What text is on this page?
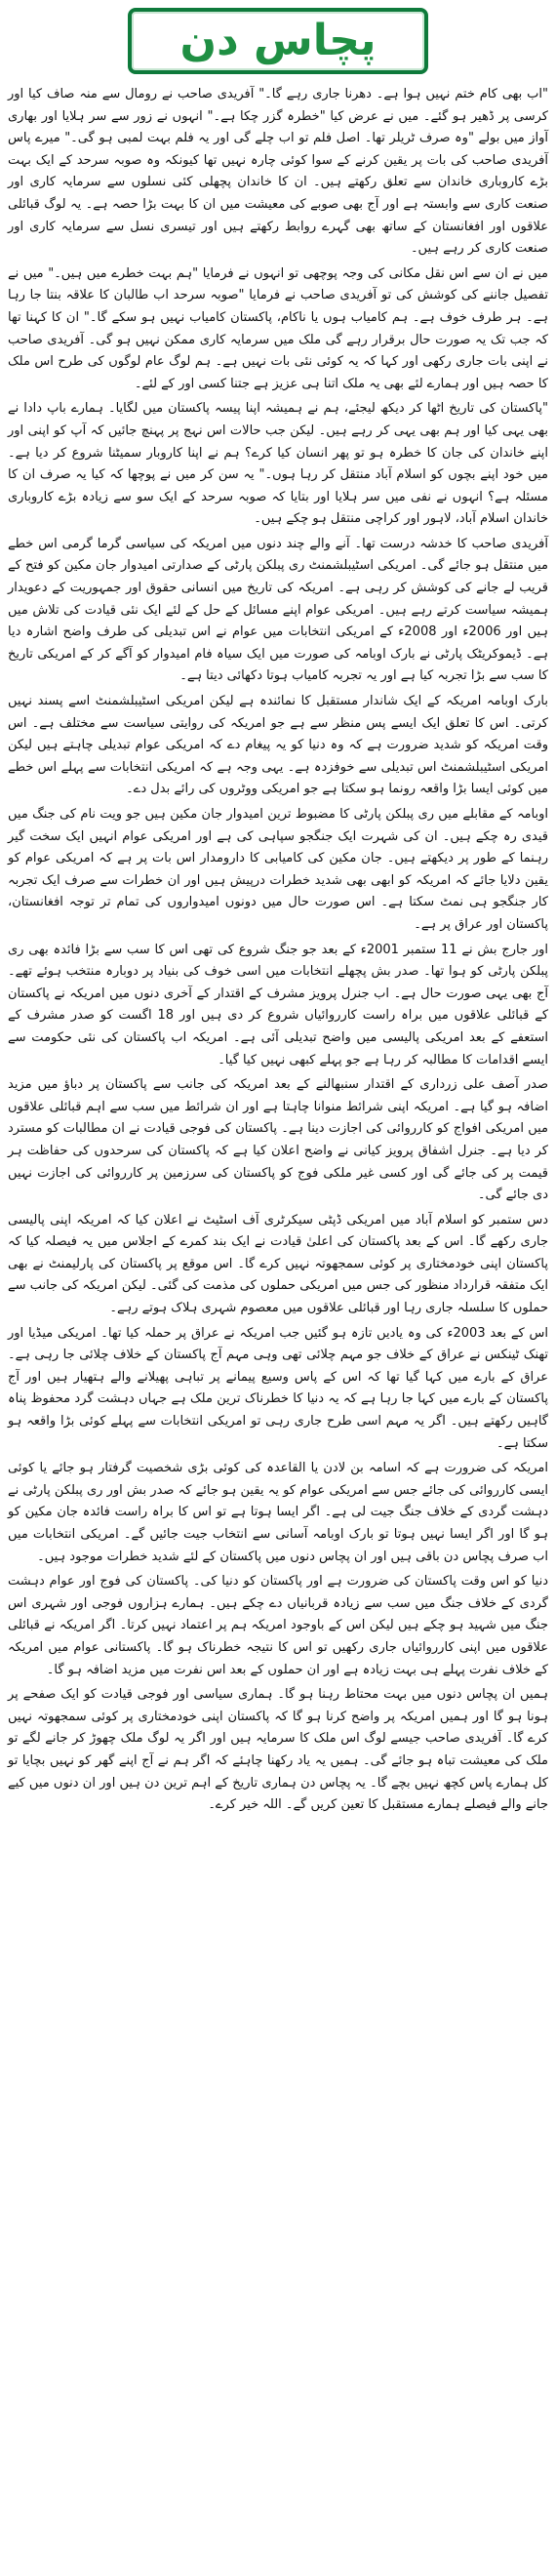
پچاس دن

"اب بھی کام ختم نہیں ہوا ہے۔ دھرنا جاری رہے گا۔" آفریدی صاحب نے رومال سے منہ صاف کیا اور کرسی پر ڈھیر ہو گئے۔ میں نے عرض کیا "خطرہ گزر چکا ہے۔" انہوں نے زور سے سر ہلایا اور بھاری آواز میں بولے "وہ صرف ٹریلر تھا۔ اصل فلم تو اب چلے گی اور یہ فلم بہت لمبی ہو گی۔" میرے پاس آفریدی صاحب کی بات پر یقین کرنے کے سوا کوئی چارہ نہیں تھا کیونکہ وہ صوبہ سرحد کے ایک بہت بڑے کاروباری خاندان سے تعلق رکھتے ہیں۔ ان کا خاندان پچھلی کئی نسلوں سے سرمایہ کاری اور صنعت کاری سے وابستہ ہے اور آج بھی صوبے کی معیشت میں ان کا بہت بڑا حصہ ہے۔ یہ لوگ قبائلی علاقوں اور افغانستان کے ساتھ بھی گہرے روابط رکھتے ہیں اور تیسری نسل سے سرمایہ کاری اور صنعت کاری کر رہے ہیں۔

میں نے ان سے اس نقل مکانی کی وجہ پوچھی تو انہوں نے فرمایا "ہم بہت خطرے میں ہیں۔" میں نے تفصیل جاننے کی کوشش کی تو آفریدی صاحب نے فرمایا "صوبہ سرحد اب طالبان کا علاقہ بنتا جا رہا ہے۔ ہر طرف خوف ہے۔ ہم کامیاب ہوں یا ناکام، پاکستان کامیاب نہیں ہو سکے گا۔" ان کا کہنا تھا کہ جب تک یہ صورت حال برقرار رہے گی ملک میں سرمایہ کاری ممکن نہیں ہو گی۔ آفریدی صاحب نے اپنی بات جاری رکھی اور کہا کہ یہ کوئی نئی بات نہیں ہے۔ ہم لوگ عام لوگوں کی طرح اس ملک کا حصہ ہیں اور ہمارے لئے بھی یہ ملک اتنا ہی عزیز ہے جتنا کسی اور کے لئے۔

"پاکستان کی تاریخ اٹھا کر دیکھ لیجئے، ہم نے ہمیشہ اپنا پیسہ پاکستان میں لگایا۔ ہمارے باپ دادا نے بھی یہی کیا اور ہم بھی یہی کر رہے ہیں۔ لیکن جب حالات اس نہج پر پہنچ جائیں کہ آپ کو اپنی اور اپنے خاندان کی جان کا خطرہ ہو تو پھر انسان کیا کرے؟ ہم نے اپنا کاروبار سمیٹنا شروع کر دیا ہے۔ میں خود اپنے بچوں کو اسلام آباد منتقل کر رہا ہوں۔" یہ سن کر میں نے پوچھا کہ کیا یہ صرف ان کا مسئلہ ہے؟ انہوں نے نفی میں سر ہلایا اور بتایا کہ صوبہ سرحد کے ایک سو سے زیادہ بڑے کاروباری خاندان اسلام آباد، لاہور اور کراچی منتقل ہو چکے ہیں۔

آفریدی صاحب کا خدشہ درست تھا۔ آنے والے چند دنوں میں امریکہ کی سیاسی گرما گرمی اس خطے میں منتقل ہو جائے گی۔ امریکی اسٹیبلشمنٹ ری پبلکن پارٹی کے صدارتی امیدوار جان مکین کو فتح کے قریب لے جانے کی کوشش کر رہی ہے۔ امریکہ کی تاریخ میں انسانی حقوق اور جمہوریت کے دعویدار ہمیشہ سیاست کرتے رہے ہیں۔ امریکی عوام اپنے مسائل کے حل کے لئے ایک نئی قیادت کی تلاش میں ہیں اور 2006ء اور 2008ء کے امریکی انتخابات میں عوام نے اس تبدیلی کی طرف واضح اشارہ دیا ہے۔ ڈیموکریٹک پارٹی نے بارک اوبامہ کی صورت میں ایک سیاہ فام امیدوار کو آگے کر کے امریکی تاریخ کا سب سے بڑا تجربہ کیا ہے اور یہ تجربہ کامیاب ہوتا دکھائی دیتا ہے۔

بارک اوبامہ امریکہ کے ایک شاندار مستقبل کا نمائندہ ہے لیکن امریکی اسٹیبلشمنٹ اسے پسند نہیں کرتی۔ اس کا تعلق ایک ایسے پس منظر سے ہے جو امریکہ کی روایتی سیاست سے مختلف ہے۔ اس وقت امریکہ کو شدید ضرورت ہے کہ وہ دنیا کو یہ پیغام دے کہ امریکی عوام تبدیلی چاہتے ہیں لیکن امریکی اسٹیبلشمنٹ اس تبدیلی سے خوفزدہ ہے۔ یہی وجہ ہے کہ امریکی انتخابات سے پہلے اس خطے میں کوئی ایسا بڑا واقعہ رونما ہو سکتا ہے جو امریکی ووٹروں کی رائے بدل دے۔

اوبامہ کے مقابلے میں ری پبلکن پارٹی کا مضبوط ترین امیدوار جان مکین ہیں جو ویت نام کی جنگ میں قیدی رہ چکے ہیں۔ ان کی شہرت ایک جنگجو سپاہی کی ہے اور امریکی عوام انہیں ایک سخت گیر رہنما کے طور پر دیکھتے ہیں۔ جان مکین کی کامیابی کا دارومدار اس بات پر ہے کہ امریکی عوام کو یقین دلایا جائے کہ امریکہ کو ابھی بھی شدید خطرات درپیش ہیں اور ان خطرات سے صرف ایک تجربہ کار جنگجو ہی نمٹ سکتا ہے۔ اس صورت حال میں دونوں امیدواروں کی تمام تر توجہ افغانستان، پاکستان اور عراق پر ہے۔

اور جارج بش نے 11 ستمبر 2001ء کے بعد جو جنگ شروع کی تھی اس کا سب سے بڑا فائدہ بھی ری پبلکن پارٹی کو ہوا تھا۔ صدر بش پچھلے انتخابات میں اسی خوف کی بنیاد پر دوبارہ منتخب ہوئے تھے۔ آج بھی یہی صورت حال ہے۔ اب جنرل پرویز مشرف کے اقتدار کے آخری دنوں میں امریکہ نے پاکستان کے قبائلی علاقوں میں براہ راست کارروائیاں شروع کر دی ہیں اور 18 اگست کو صدر مشرف کے استعفے کے بعد امریکی پالیسی میں واضح تبدیلی آئی ہے۔ امریکہ اب پاکستان کی نئی حکومت سے ایسے اقدامات کا مطالبہ کر رہا ہے جو پہلے کبھی نہیں کیا گیا۔

صدر آصف علی زرداری کے اقتدار سنبھالنے کے بعد امریکہ کی جانب سے پاکستان پر دباؤ میں مزید اضافہ ہو گیا ہے۔ امریکہ اپنی شرائط منوانا چاہتا ہے اور ان شرائط میں سب سے اہم قبائلی علاقوں میں امریکی افواج کو کارروائی کی اجازت دینا ہے۔ پاکستان کی فوجی قیادت نے ان مطالبات کو مسترد کر دیا ہے۔ جنرل اشفاق پرویز کیانی نے واضح اعلان کیا ہے کہ پاکستان کی سرحدوں کی حفاظت ہر قیمت پر کی جائے گی اور کسی غیر ملکی فوج کو پاکستان کی سرزمین پر کارروائی کی اجازت نہیں دی جائے گی۔

دس ستمبر کو اسلام آباد میں امریکی ڈپٹی سیکرٹری آف اسٹیٹ نے اعلان کیا کہ امریکہ اپنی پالیسی جاری رکھے گا۔ اس کے بعد پاکستان کی اعلیٰ قیادت نے ایک بند کمرے کے اجلاس میں یہ فیصلہ کیا کہ پاکستان اپنی خودمختاری پر کوئی سمجھوتہ نہیں کرے گا۔ اس موقع پر پاکستان کی پارلیمنٹ نے بھی ایک متفقہ قرارداد منظور کی جس میں امریکی حملوں کی مذمت کی گئی۔ لیکن امریکہ کی جانب سے حملوں کا سلسلہ جاری رہا اور قبائلی علاقوں میں معصوم شہری ہلاک ہوتے رہے۔

اس کے بعد 2003ء کی وہ یادیں تازہ ہو گئیں جب امریکہ نے عراق پر حملہ کیا تھا۔ امریکی میڈیا اور تھنک ٹینکس نے عراق کے خلاف جو مہم چلائی تھی وہی مہم آج پاکستان کے خلاف چلائی جا رہی ہے۔ عراق کے بارے میں کہا گیا تھا کہ اس کے پاس وسیع پیمانے پر تباہی پھیلانے والے ہتھیار ہیں اور آج پاکستان کے بارے میں کہا جا رہا ہے کہ یہ دنیا کا خطرناک ترین ملک ہے جہاں دہشت گرد محفوظ پناہ گاہیں رکھتے ہیں۔ اگر یہ مہم اسی طرح جاری رہی تو امریکی انتخابات سے پہلے کوئی بڑا واقعہ ہو سکتا ہے۔

امریکہ کی ضرورت ہے کہ اسامہ بن لادن یا القاعدہ کی کوئی بڑی شخصیت گرفتار ہو جائے یا کوئی ایسی کارروائی کی جائے جس سے امریکی عوام کو یہ یقین ہو جائے کہ صدر بش اور ری پبلکن پارٹی نے دہشت گردی کے خلاف جنگ جیت لی ہے۔ اگر ایسا ہوتا ہے تو اس کا براہ راست فائدہ جان مکین کو ہو گا اور اگر ایسا نہیں ہوتا تو بارک اوبامہ آسانی سے انتخاب جیت جائیں گے۔ امریکی انتخابات میں اب صرف پچاس دن باقی ہیں اور ان پچاس دنوں میں پاکستان کے لئے شدید خطرات موجود ہیں۔

دنیا کو اس وقت پاکستان کی ضرورت ہے اور پاکستان کو دنیا کی۔ پاکستان کی فوج اور عوام دہشت گردی کے خلاف جنگ میں سب سے زیادہ قربانیاں دے چکے ہیں۔ ہمارے ہزاروں فوجی اور شہری اس جنگ میں شہید ہو چکے ہیں لیکن اس کے باوجود امریکہ ہم پر اعتماد نہیں کرتا۔ اگر امریکہ نے قبائلی علاقوں میں اپنی کارروائیاں جاری رکھیں تو اس کا نتیجہ خطرناک ہو گا۔ پاکستانی عوام میں امریکہ کے خلاف نفرت پہلے ہی بہت زیادہ ہے اور ان حملوں کے بعد اس نفرت میں مزید اضافہ ہو گا۔

ہمیں ان پچاس دنوں میں بہت محتاط رہنا ہو گا۔ ہماری سیاسی اور فوجی قیادت کو ایک صفحے پر ہونا ہو گا اور ہمیں امریکہ پر واضح کرنا ہو گا کہ پاکستان اپنی خودمختاری پر کوئی سمجھوتہ نہیں کرے گا۔ آفریدی صاحب جیسے لوگ اس ملک کا سرمایہ ہیں اور اگر یہ لوگ ملک چھوڑ کر جانے لگے تو ملک کی معیشت تباہ ہو جائے گی۔ ہمیں یہ یاد رکھنا چاہئے کہ اگر ہم نے آج اپنے گھر کو نہیں بچایا تو کل ہمارے پاس کچھ نہیں بچے گا۔ یہ پچاس دن ہماری تاریخ کے اہم ترین دن ہیں اور ان دنوں میں کیے جانے والے فیصلے ہمارے مستقبل کا تعین کریں گے۔ اللہ خیر کرے۔
